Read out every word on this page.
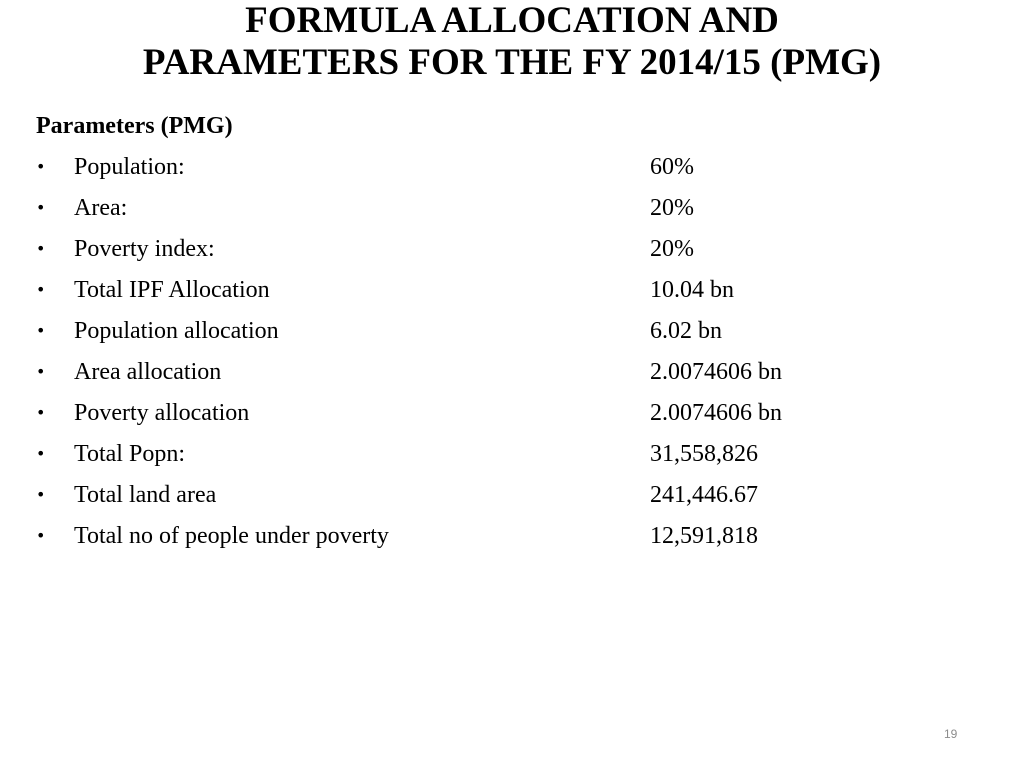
FORMULA ALLOCATION AND
PARAMETERS FOR THE FY 2014/15 (PMG)
Parameters (PMG)
• Population:	60%
• Area:	20%
• Poverty index:	20%
• Total IPF Allocation	10.04 bn
• Population allocation	6.02 bn
• Area allocation	2.0074606 bn
• Poverty allocation	2.0074606 bn
• Total Popn:	31,558,826
• Total land area	241,446.67
• Total no of people under poverty	12,591,818
19
